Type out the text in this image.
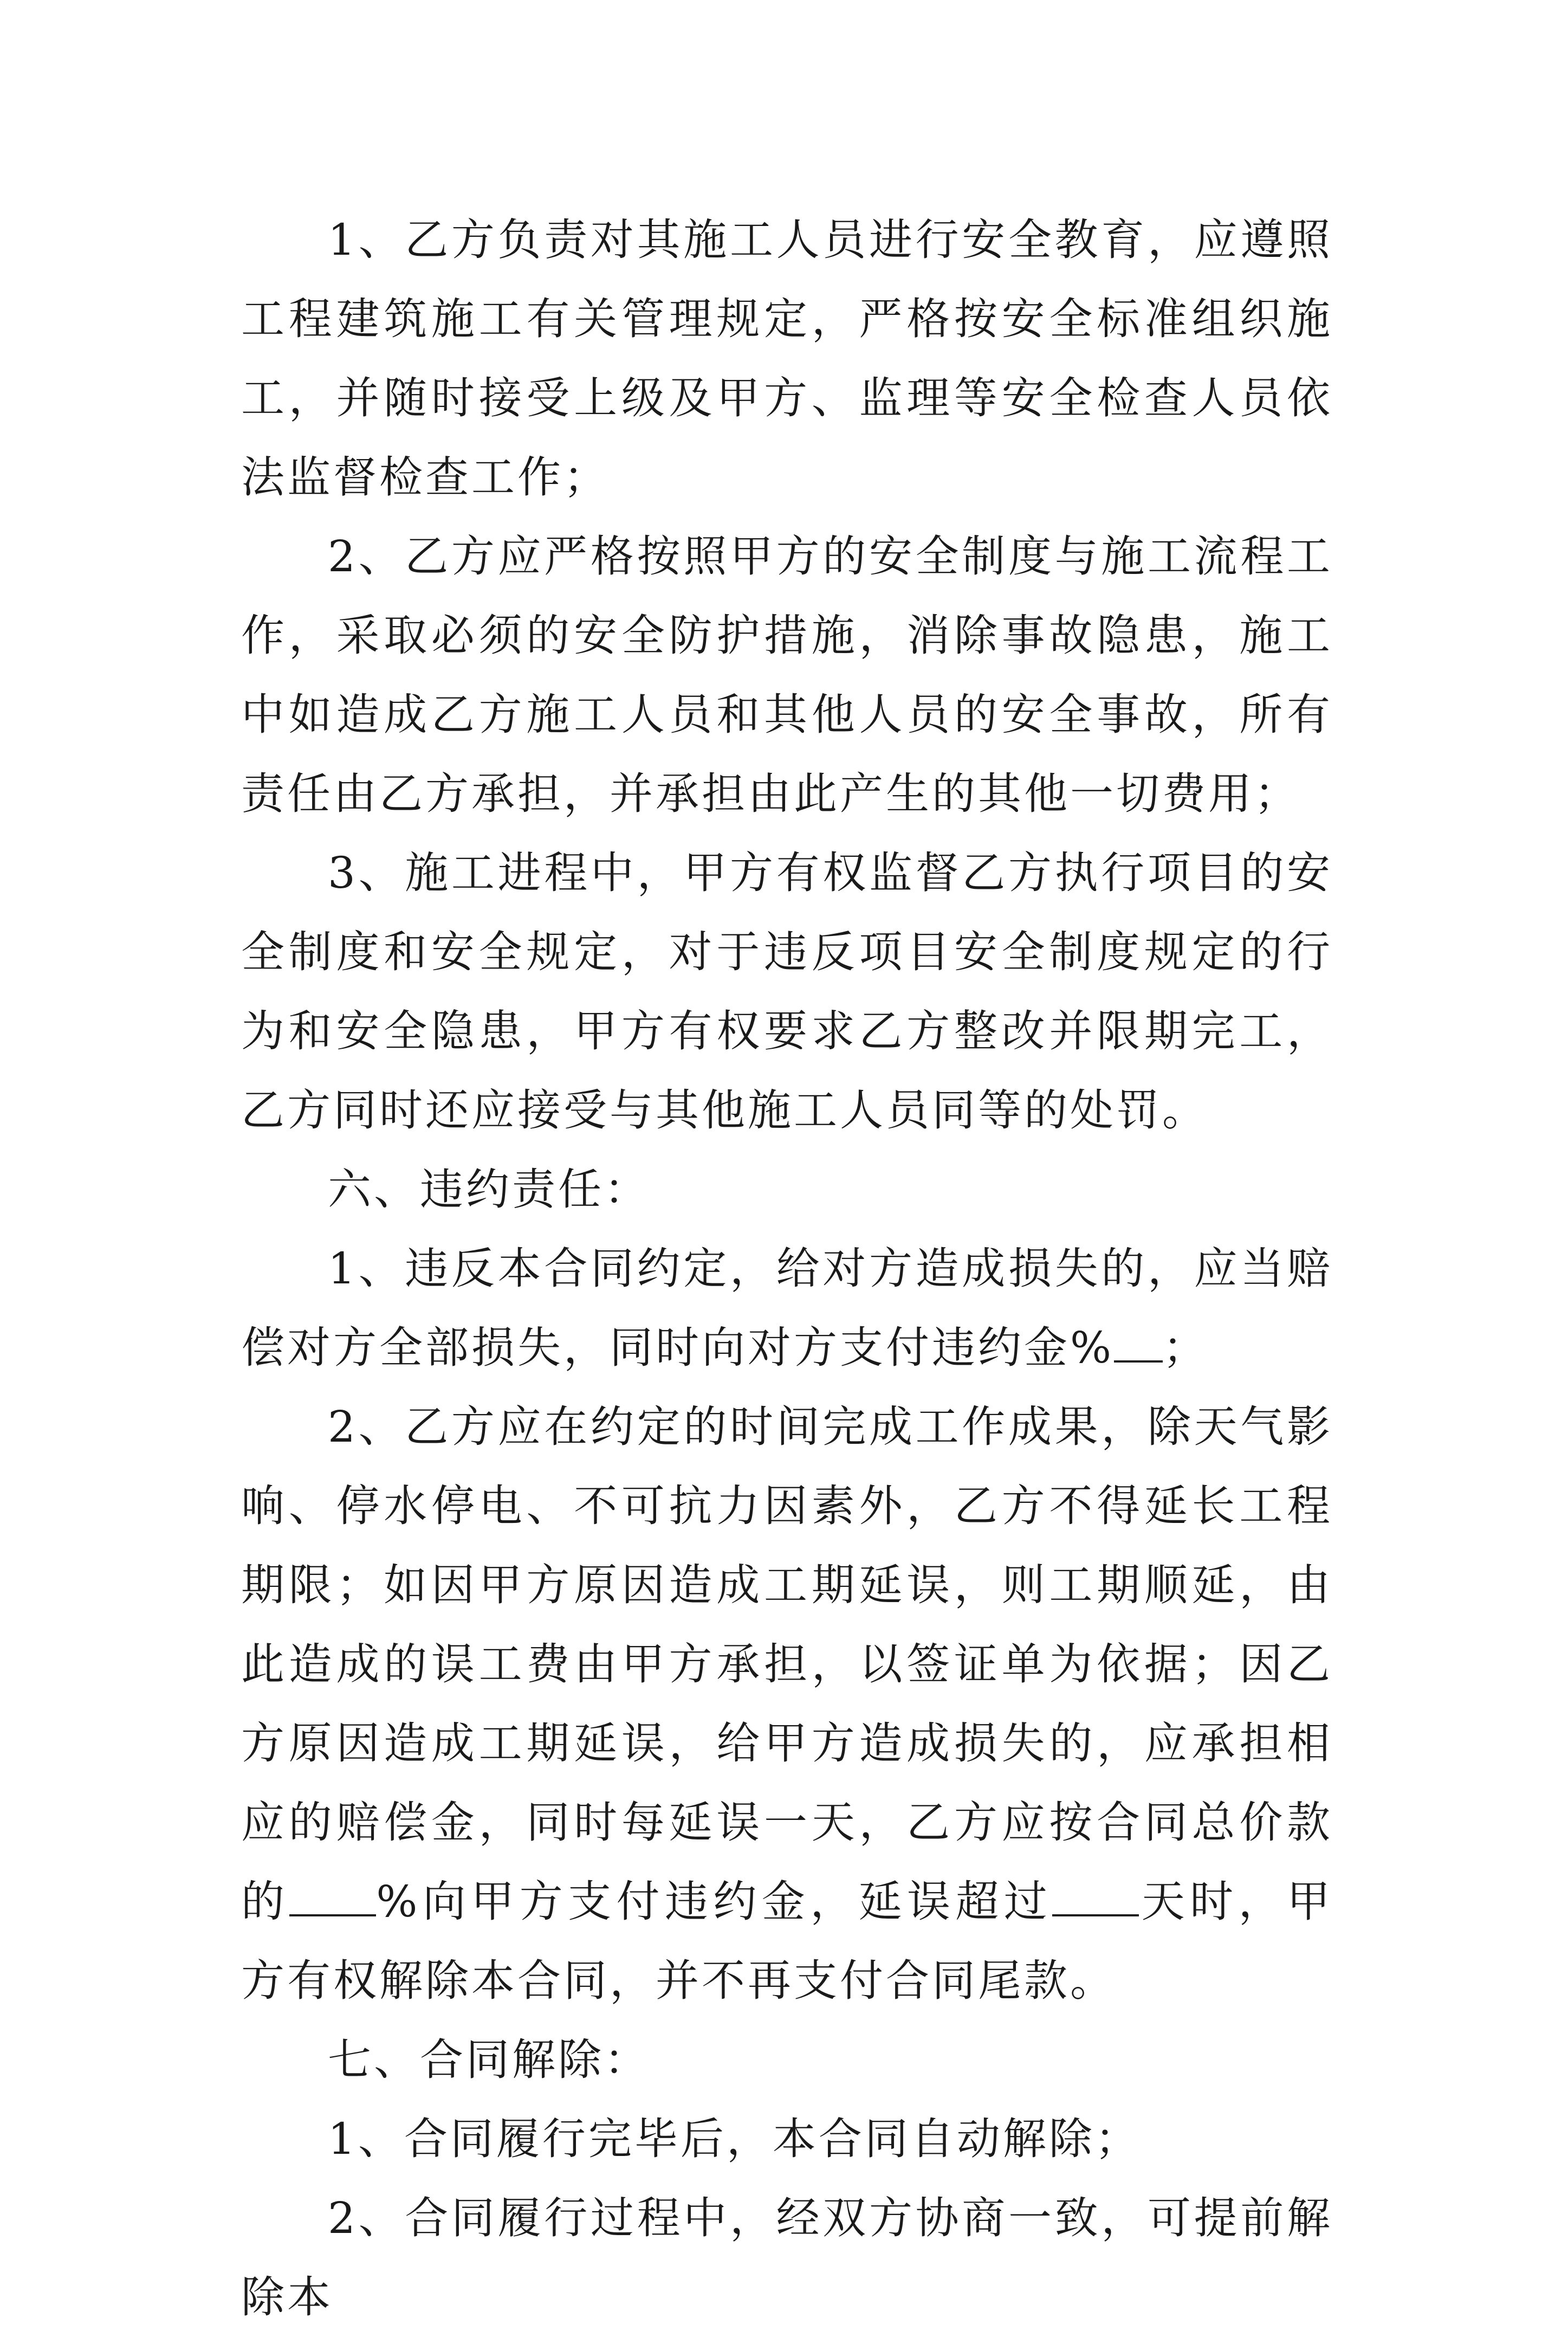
1、乙方负责对其施工人员进行安全教育，应遵照工程建筑施工有关管理规定，严格按安全标准组织施工，并随时接受上级及甲方、监理等安全检查人员依法监督检查工作；

2、乙方应严格按照甲方的安全制度与施工流程工作，采取必须的安全防护措施，消除事故隐患，施工中如造成乙方施工人员和其他人员的安全事故，所有责任由乙方承担，并承担由此产生的其他一切费用；

3、施工进程中，甲方有权监督乙方执行项目的安全制度和安全规定，对于违反项目安全制度规定的行为和安全隐患，甲方有权要求乙方整改并限期完工，乙方同时还应接受与其他施工人员同等的处罚。

六、违约责任：

1、违反本合同约定，给对方造成损失的，应当赔偿对方全部损失，同时向对方支付违约金% ；

2、乙方应在约定的时间完成工作成果，除天气影响、停水停电、不可抗力因素外，乙方不得延长工程期限；如因甲方原因造成工期延误，则工期顺延，由此造成的误工费由甲方承担，以签证单为依据；因乙方原因造成工期延误，给甲方造成损失的，应承担相应的赔偿金，同时每延误一天，乙方应按合同总价款的 %向甲方支付违约金，延误超过 天时，甲方有权解除本合同，并不再支付合同尾款。

七、合同解除：

1、合同履行完毕后，本合同自动解除；

2、合同履行过程中，经双方协商一致，可提前解除本
